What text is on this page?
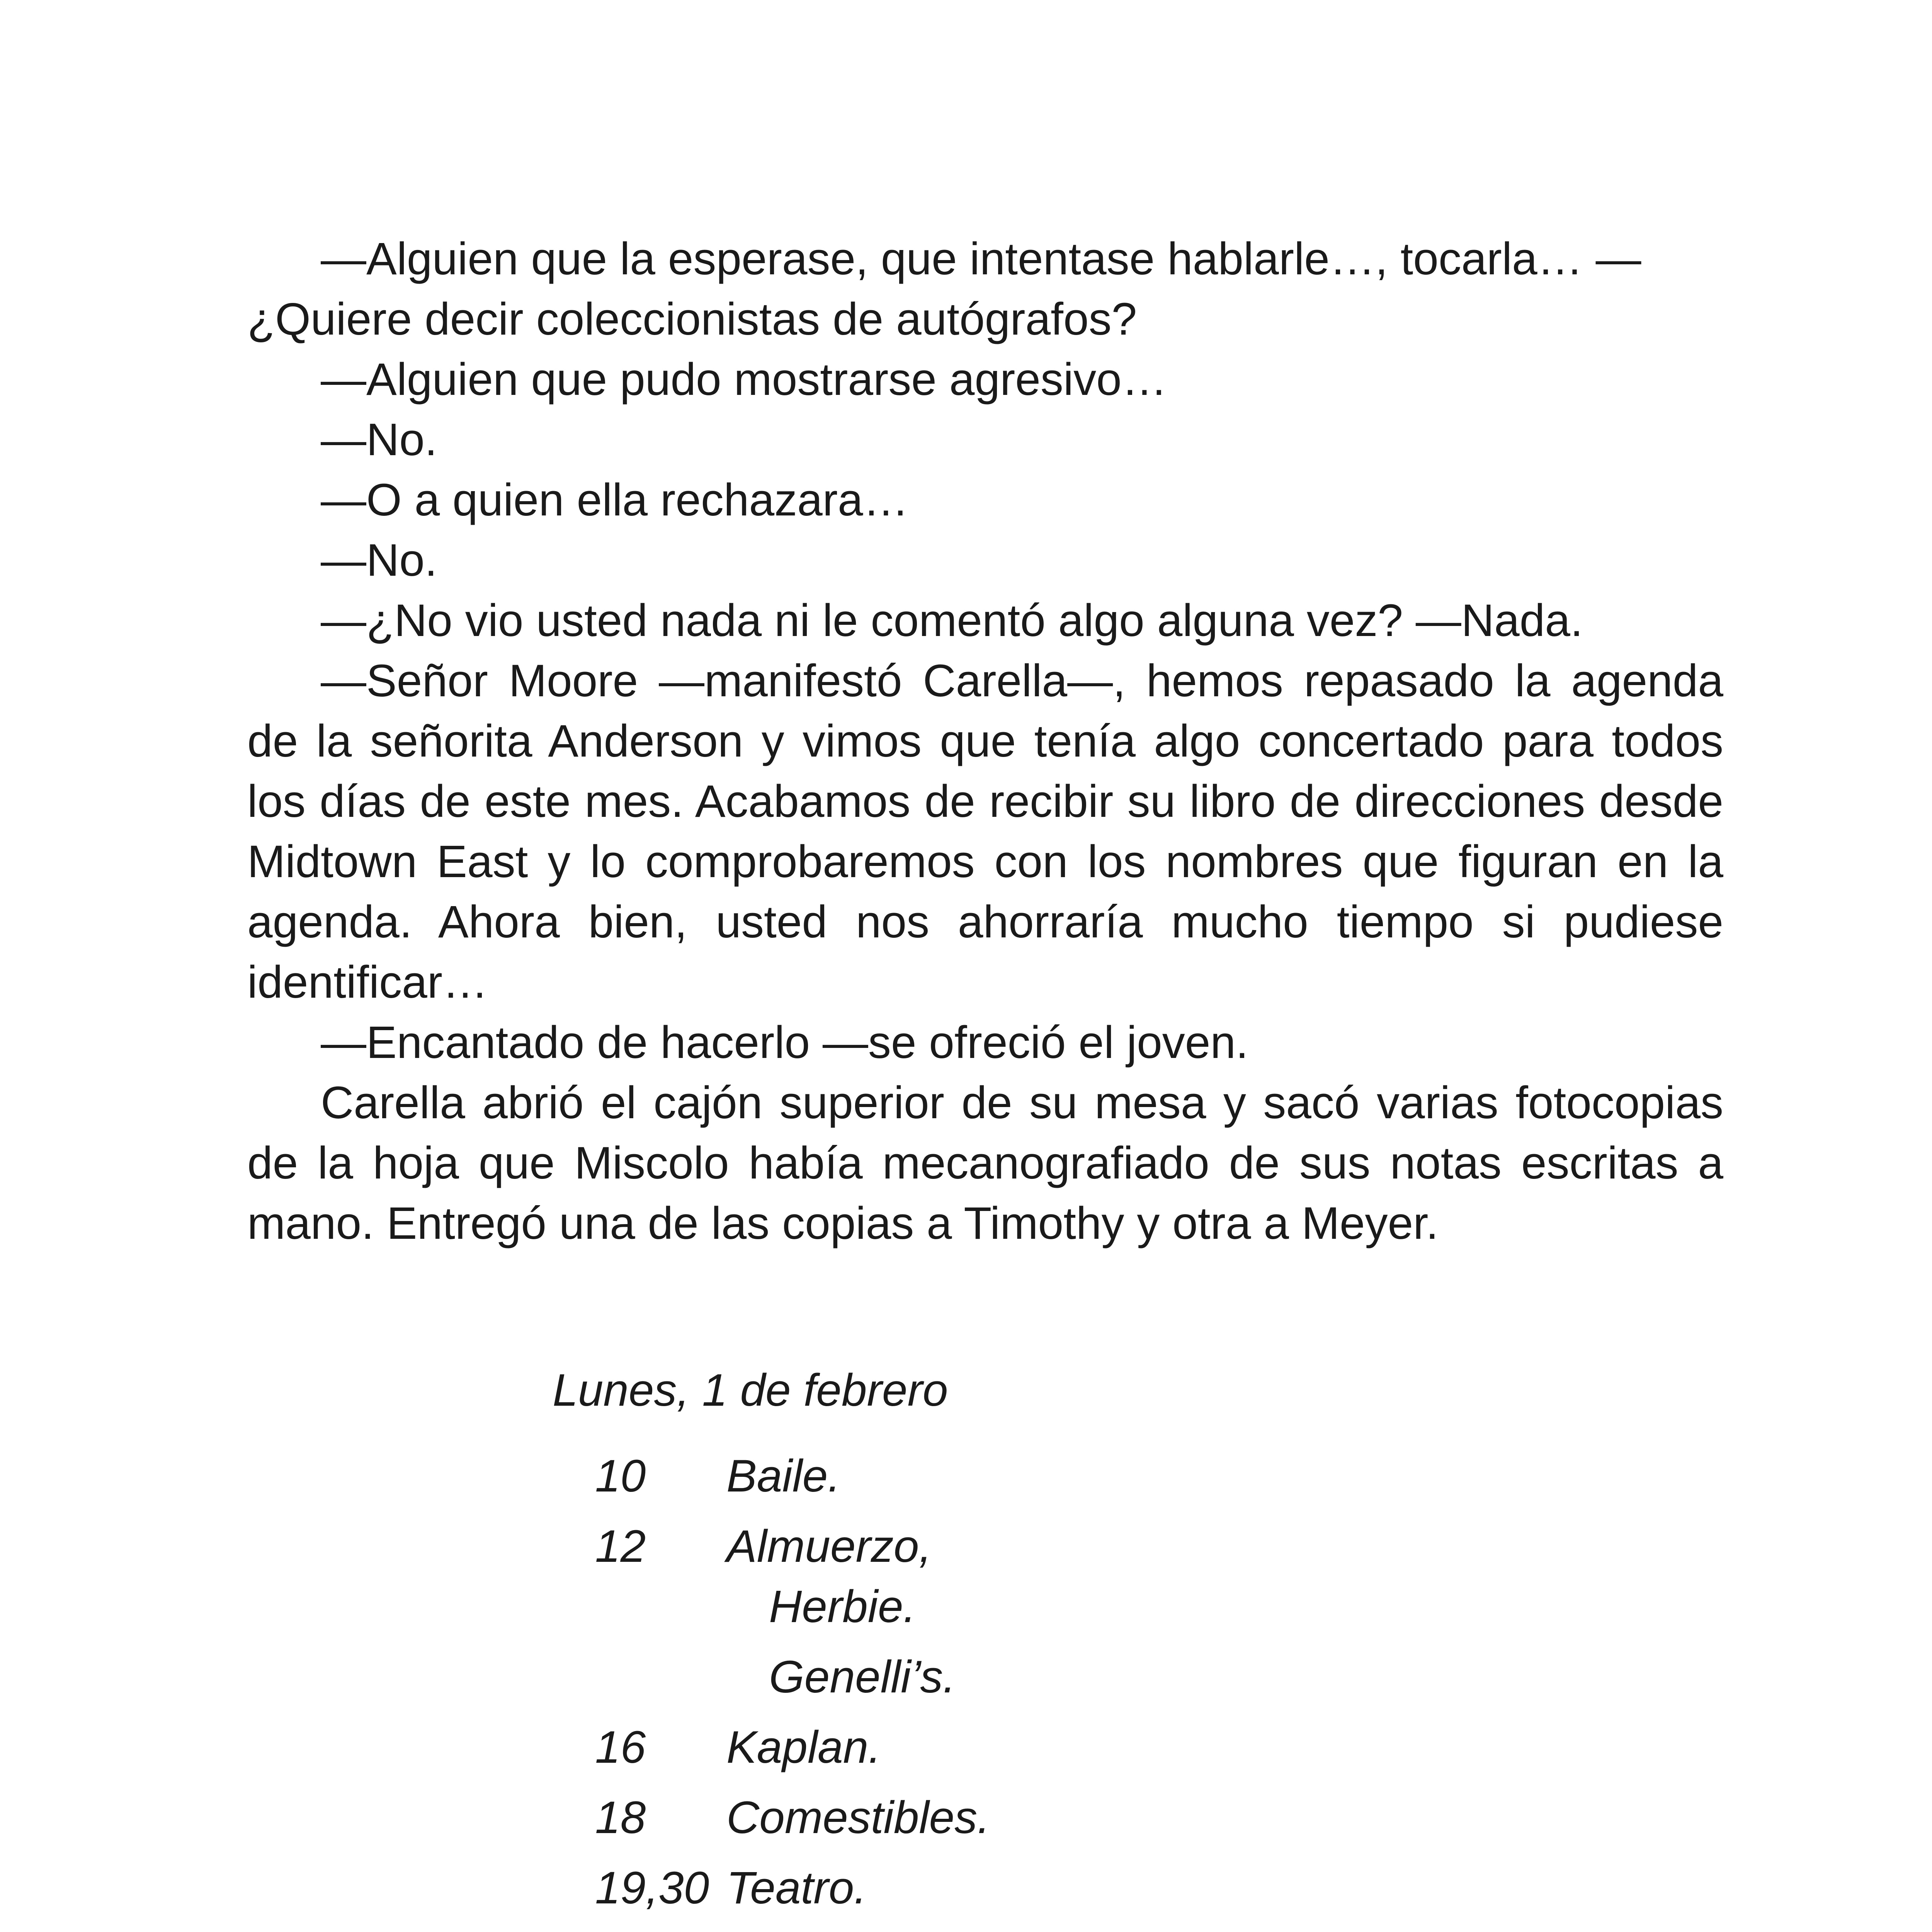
—Alguien que la esperase, que intentase hablarle…, tocarla… —¿Quiere decir coleccionistas de autógrafos?

—Alguien que pudo mostrarse agresivo…

—No.

—O a quien ella rechazara…

—No.

—¿No vio usted nada ni le comentó algo alguna vez? —Nada.

—Señor Moore —manifestó Carella—, hemos repasado la agenda de la señorita Anderson y vimos que tenía algo concertado para todos los días de este mes. Acabamos de recibir su libro de direcciones desde Midtown East y lo comprobaremos con los nombres que figuran en la agenda. Ahora bien, usted nos ahorraría mucho tiempo si pudiese identificar…

—Encantado de hacerlo —se ofreció el joven.

Carella abrió el cajón superior de su mesa y sacó varias fotocopias de la hoja que Miscolo había mecanografiado de sus notas escritas a mano. Entregó una de las copias a Timothy y otra a Meyer.

Lunes, 1 de febrero

10	Baile.
12	Almuerzo,
Herbie.
Genelli’s.
16	Kaplan.
18	Comestibles.
19,30 Teatro.
